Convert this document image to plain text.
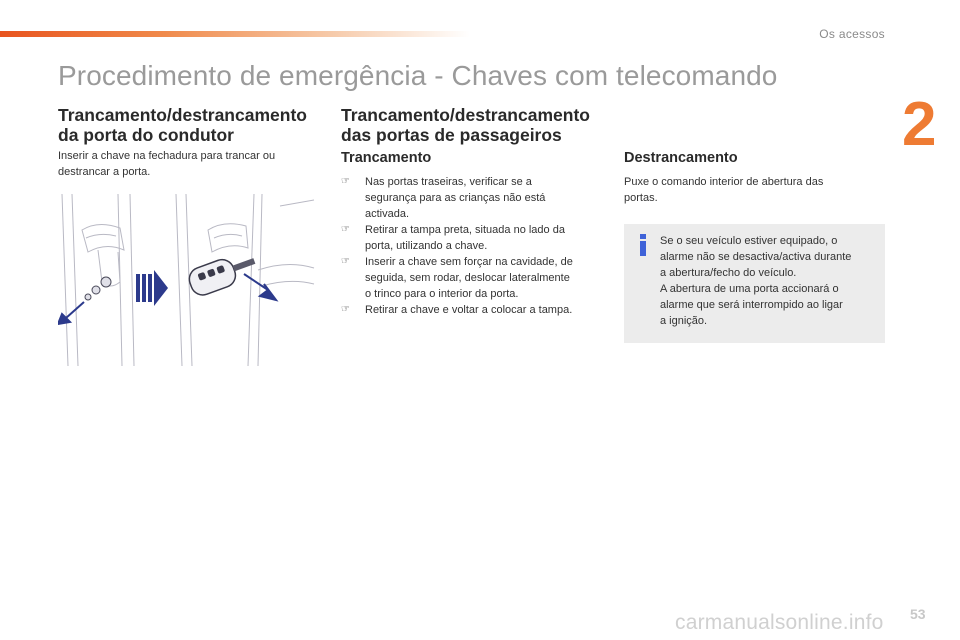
Os acessos
2
Procedimento de emergência - Chaves com telecomando
Trancamento/destrancamento
da porta do condutor

Inserir a chave na fechadura para trancar ou
destrancar a porta.

Trancamento/destrancamento
das portas de passageiros
Trancamento
☞ Nas portas traseiras, verificar se a
segurança para as crianças não está
activada.
☞ Retirar a tampa preta, situada no lado da
porta, utilizando a chave.
☞ Inserir a chave sem forçar na cavidade, de
seguida, sem rodar, deslocar lateralmente
o trinco para o interior da porta.
☞ Retirar a chave e voltar a colocar a tampa.
Destrancamento

Puxe o comando interior de abertura das
portas.

Se o seu veículo estiver equipado, o
alarme não se desactiva/activa durante
a abertura/fecho do veículo.
A abertura de uma porta accionará o
alarme que será interrompido ao ligar
a ignição.

carmanualsonline.info 53
